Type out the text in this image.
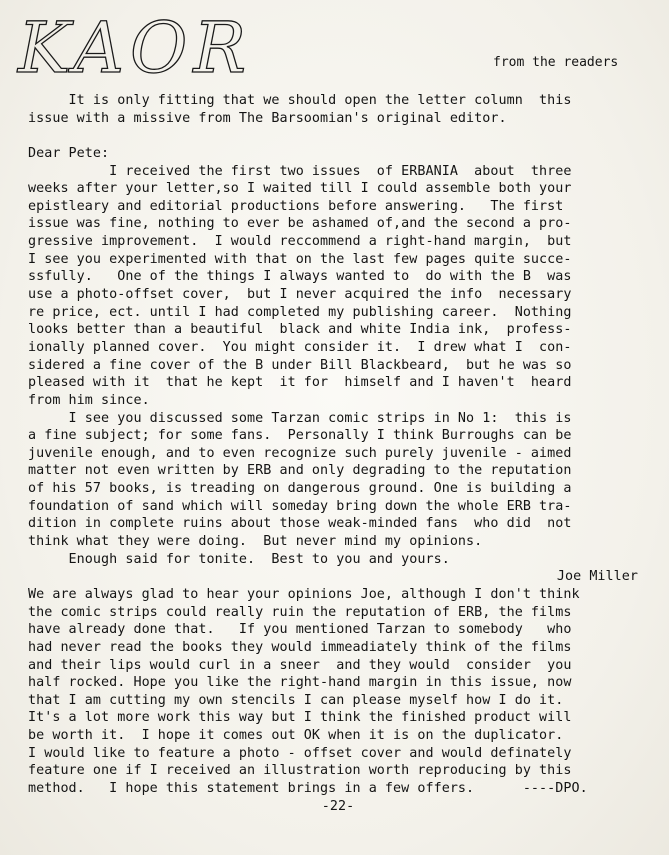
KAOR	from the readers
It is only fitting that we should open the letter column  this
issue with a missive from The Barsoomian's original editor.
Dear Pete:
I received the first two issues  of ERBANIA  about  three
weeks after your letter,so I waited till I could assemble both your
epistleary and editorial productions before answering.   The first
issue was fine, nothing to ever be ashamed of,and the second a pro-
gressive improvement.  I would reccommend a right-hand margin,  but
I see you experimented with that on the last few pages quite succe-
ssfully.   One of the things I always wanted to  do with the B  was
use a photo-offset cover,  but I never acquired the info  necessary
re price, ect. until I had completed my publishing career.  Nothing
looks better than a beautiful  black and white India ink,  profess-
ionally planned cover.  You might consider it.  I drew what I  con-
sidered a fine cover of the B under Bill Blackbeard,  but he was so
pleased with it  that he kept  it for  himself and I haven't  heard
from him since.
I see you discussed some Tarzan comic strips in No 1:  this is
a fine subject; for some fans.  Personally I think Burroughs can be
juvenile enough, and to even recognize such purely juvenile - aimed
matter not even written by ERB and only degrading to the reputation
of his 57 books, is treading on dangerous ground. One is building a
foundation of sand which will someday bring down the whole ERB tra-
dition in complete ruins about those weak-minded fans  who did  not
think what they were doing.  But never mind my opinions.
Enough said for tonite.  Best to you and yours.
Joe Miller
We are always glad to hear your opinions Joe, although I don't think
the comic strips could really ruin the reputation of ERB, the films
have already done that.   If you mentioned Tarzan to somebody   who
had never read the books they would immeadiately think of the films
and their lips would curl in a sneer  and they would  consider  you
half rocked. Hope you like the right-hand margin in this issue, now
that I am cutting my own stencils I can please myself how I do it.
It's a lot more work this way but I think the finished product will
be worth it.  I hope it comes out OK when it is on the duplicator.
I would like to feature a photo - offset cover and would definately
feature one if I received an illustration worth reproducing by this
method.   I hope this statement brings in a few offers.      ----DPO.
-22-
